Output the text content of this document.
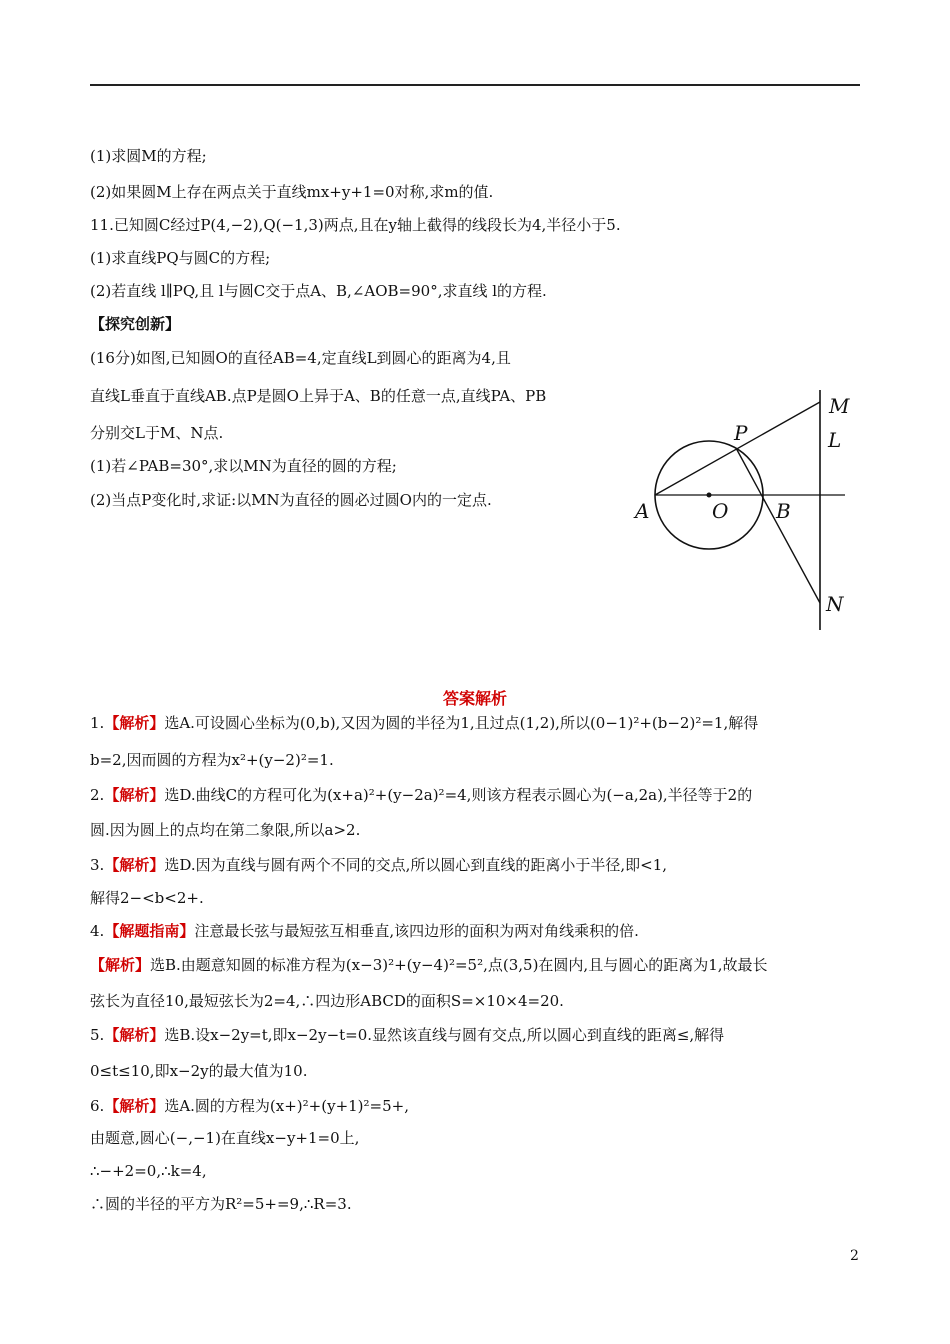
(1)求圆M的方程;
(2)如果圆M上存在两点关于直线mx+y+1=0对称,求m的值.
11.已知圆C经过P(4,−2),Q(−1,3)两点,且在y轴上截得的线段长为4,半径小于5.
(1)求直线PQ与圆C的方程;
(2)若直线 l∥PQ,且 l与圆C交于点A、B,∠AOB=90°,求直线 l的方程.
【探究创新】
(16分)如图,已知圆O的直径AB=4,定直线L到圆心的距离为4,且
直线L垂直于直线AB.点P是圆O上异于A、B的任意一点,直线PA、PB
分别交L于M、N点.
(1)若∠PAB=30°,求以MN为直径的圆的方程;
(2)当点P变化时,求证:以MN为直径的圆必过圆O内的一定点.
M
P	L
A	O B
N
答案解析
1.【解析】选A.可设圆心坐标为(0,b),又因为圆的半径为1,且过点(1,2),所以(0−1)²+(b−2)²=1,解得
b=2,因而圆的方程为x²+(y−2)²=1.
2.【解析】选D.曲线C的方程可化为(x+a)²+(y−2a)²=4,则该方程表示圆心为(−a,2a),半径等于2的
圆.因为圆上的点均在第二象限,所以a>2.
3.【解析】选D.因为直线与圆有两个不同的交点,所以圆心到直线的距离小于半径,即<1,
解得2−<b<2+.
4.【解题指南】注意最长弦与最短弦互相垂直,该四边形的面积为两对角线乘积的倍.
【解析】选B.由题意知圆的标准方程为(x−3)²+(y−4)²=5²,点(3,5)在圆内,且与圆心的距离为1,故最长
弦长为直径10,最短弦长为2=4,∴四边形ABCD的面积S=×10×4=20.
5.【解析】选B.设x−2y=t,即x−2y−t=0.显然该直线与圆有交点,所以圆心到直线的距离≤,解得
0≤t≤10,即x−2y的最大值为10.
6.【解析】选A.圆的方程为(x+)²+(y+1)²=5+,
由题意,圆心(−,−1)在直线x−y+1=0上,
∴−+2=0,∴k=4,
∴圆的半径的平方为R²=5+=9,∴R=3.
2
